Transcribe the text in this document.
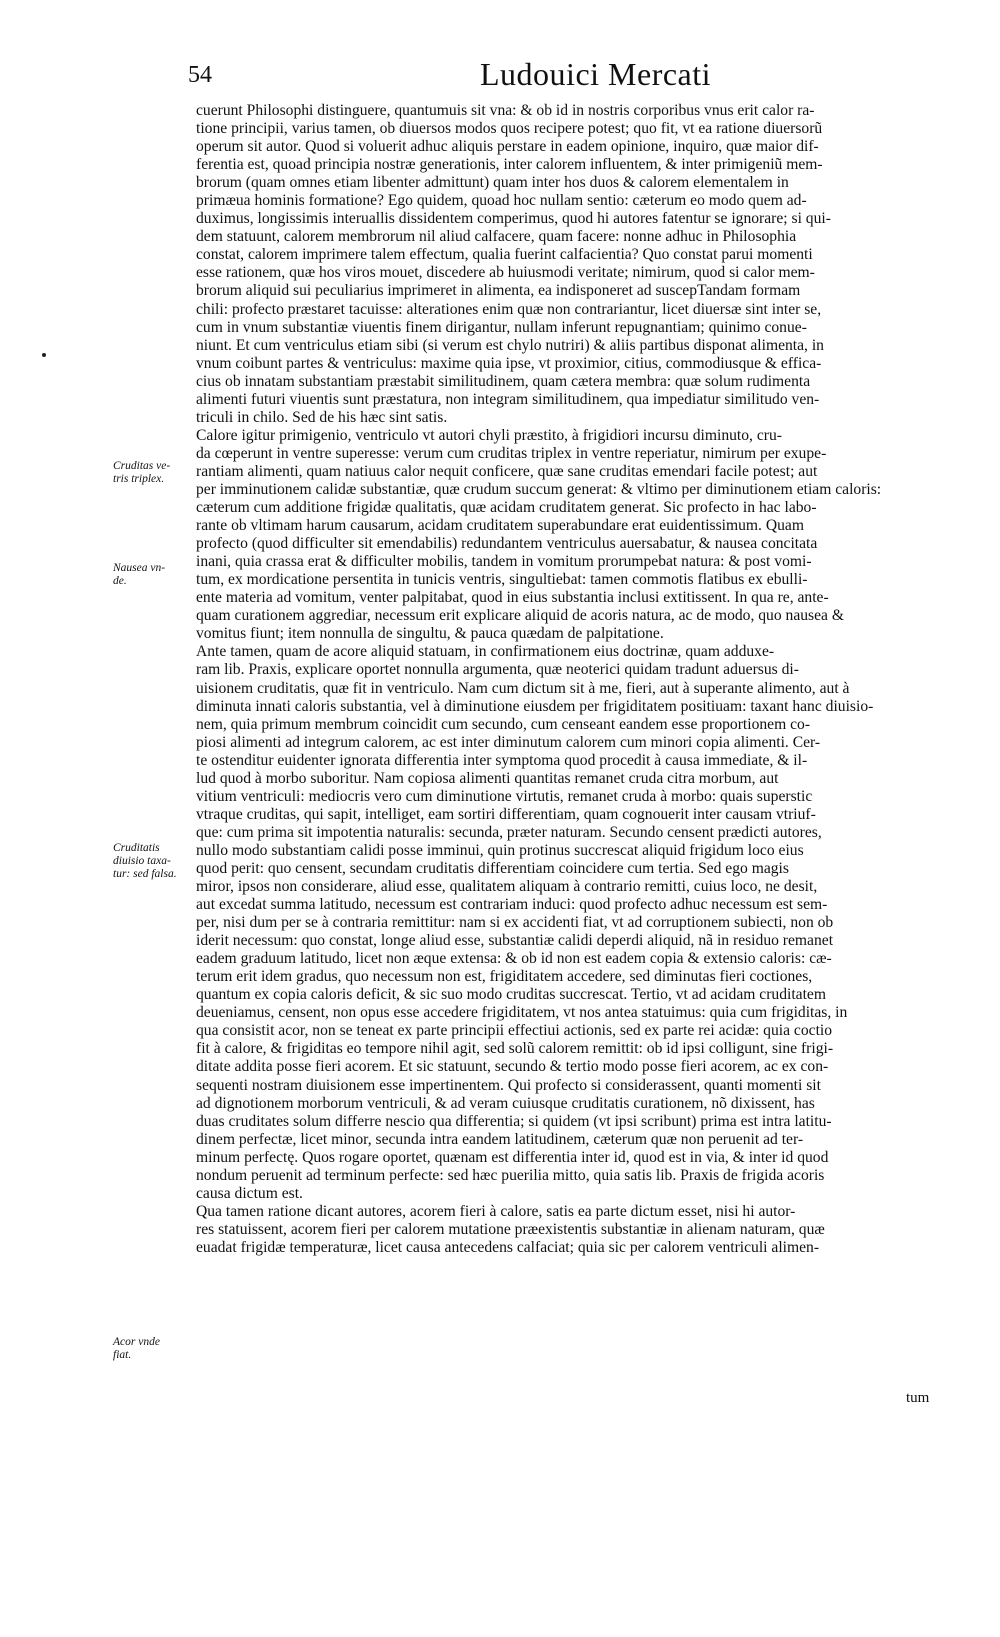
54	Ludouici Mercati
cuerunt Philosophi distinguere, quantumuis sit vna: & ob id in nostris corporibus vnus erit calor ra-
tione principii, varius tamen, ob diuersos modos quos recipere potest; quo fit, vt ea ratione diuersorũ
operum sit autor. Quod si voluerit adhuc aliquis perstare in eadem opinione, inquiro, quæ maior dif-
ferentia est, quoad principia nostræ generationis, inter calorem influentem, & inter primigeniũ mem-
brorum (quam omnes etiam libenter admittunt) quam inter hos duos & calorem elementalem in
primæua hominis formatione? Ego quidem, quoad hoc nullam sentio: cæterum eo modo quem ad-
duximus, longissimis interuallis dissidentem comperimus, quod hi autores fatentur se ignorare; si qui-
dem statuunt, calorem membrorum nil aliud calfacere, quam facere: nonne adhuc in Philosophia
constat, calorem imprimere talem effectum, qualia fuerint calfacientia? Quo constat parui momenti
esse rationem, quæ hos viros mouet, discedere ab huiusmodi veritate; nimirum, quod si calor mem-
brorum aliquid sui peculiarius imprimeret in alimenta, ea indisponeret ad suscepTandam formam
chili: profecto præstaret tacuisse: alterationes enim quæ non contrariantur, licet diuersæ sint inter se,
cum in vnum substantiæ viuentis finem dirigantur, nullam inferunt repugnantiam; quinimo conue-
niunt. Et cum ventriculus etiam sibi (si verum est chylo nutriri) & aliis partibus disponat alimenta, in
vnum coibunt partes & ventriculus: maxime quia ipse, vt proximior, citius, commodiusque & effica-
cius ob innatam substantiam præstabit similitudinem, quam cætera membra: quæ solum rudimenta
alimenti futuri viuentis sunt præstatura, non integram similitudinem, qua impediatur similitudo ven-
triculi in chilo. Sed de his hæc sint satis.
Calore igitur primigenio, ventriculo vt autori chyli præstito, à frigidiori incursu diminuto, cru-
da cœperunt in ventre superesse: verum cum cruditas triplex in ventre reperiatur, nimirum per exupe-
rantiam alimenti, quam natiuus calor nequit conficere, quæ sane cruditas emendari facile potest; aut
per imminutionem calidæ substantiæ, quæ crudum succum generat: & vltimo per diminutionem etiam caloris:
cæterum cum additione frigidæ qualitatis, quæ acidam cruditatem generat. Sic profecto in hac labo-
rante ob vltimam harum causarum, acidam cruditatem superabundare erat euidentissimum. Quam
profecto (quod difficulter sit emendabilis) redundantem ventriculus auersabatur, & nausea concitata
inani, quia crassa erat & difficulter mobilis, tandem in vomitum prorumpebat natura: & post vomi-
tum, ex mordicatione persentita in tunicis ventris, singultiebat: tamen commotis flatibus ex ebulli-
ente materia ad vomitum, venter palpitabat, quod in eius substantia inclusi extitissent. In qua re, ante-
quam curationem aggrediar, necessum erit explicare aliquid de acoris natura, ac de modo, quo nausea &
vomitus fiunt; item nonnulla de singultu, & pauca quædam de palpitatione.
Ante tamen, quam de acore aliquid statuam, in confirmationem eius doctrinæ, quam adduxe-
ram lib. Praxis, explicare oportet nonnulla argumenta, quæ neoterici quidam tradunt aduersus di-
uisionem cruditatis, quæ fit in ventriculo. Nam cum dictum sit à me, fieri, aut à superante alimento, aut à
diminuta innati caloris substantia, vel à diminutione eiusdem per frigiditatem positiuam: taxant hanc diuisio-
nem, quia primum membrum coincidit cum secundo, cum censeant eandem esse proportionem co-
piosi alimenti ad integrum calorem, ac est inter diminutum calorem cum minori copia alimenti. Cer-
te ostenditur euidenter ignorata differentia inter symptoma quod procedit à causa immediate, & il-
lud quod à morbo suboritur. Nam copiosa alimenti quantitas remanet cruda citra morbum, aut
vitium ventriculi: mediocris vero cum diminutione virtutis, remanet cruda à morbo: quais superstic
vtraque cruditas, qui sapit, intelliget, eam sortiri differentiam, quam cognouerit inter causam vtriuf-
que: cum prima sit impotentia naturalis: secunda, præter naturam. Secundo censent prædicti autores,
nullo modo substantiam calidi posse imminui, quin protinus succrescat aliquid frigidum loco eius
quod perit: quo censent, secundam cruditatis differentiam coincidere cum tertia. Sed ego magis
miror, ipsos non considerare, aliud esse, qualitatem aliquam à contrario remitti, cuius loco, ne desit,
aut excedat summa latitudo, necessum est contrariam induci: quod profecto adhuc necessum est sem-
per, nisi dum per se à contraria remittitur: nam si ex accidenti fiat, vt ad corruptionem subiecti, non ob
iderit necessum: quo constat, longe aliud esse, substantiæ calidi deperdi aliquid, nã in residuo remanet
eadem graduum latitudo, licet non æque extensa: & ob id non est eadem copia & extensio caloris: cæ-
terum erit idem gradus, quo necessum non est, frigiditatem accedere, sed diminutas fieri coctiones,
quantum ex copia caloris deficit, & sic suo modo cruditas succrescat. Tertio, vt ad acidam cruditatem
deueniamus, censent, non opus esse accedere frigiditatem, vt nos antea statuimus: quia cum frigiditas, in
qua consistit acor, non se teneat ex parte principii effectiui actionis, sed ex parte rei acidæ: quia coctio
fit à calore, & frigiditas eo tempore nihil agit, sed solũ calorem remittit: ob id ipsi colligunt, sine frigi-
ditate addita posse fieri acorem. Et sic statuunt, secundo & tertio modo posse fieri acorem, ac ex con-
sequenti nostram diuisionem esse impertinentem. Qui profecto si considerassent, quanti momenti sit
ad dignotionem morborum ventriculi, & ad veram cuiusque cruditatis curationem, nõ dixissent, has
duas cruditates solum differre nescio qua differentia; si quidem (vt ipsi scribunt) prima est intra latitu-
dinem perfectæ, licet minor, secunda intra eandem latitudinem, cæterum quæ non peruenit ad ter-
minum perfectę. Quos rogare oportet, quænam est differentia inter id, quod est in via, & inter id quod
nondum peruenit ad terminum perfecte: sed hæc puerilia mitto, quia satis lib. Praxis de frigida acoris
causa dictum est.
Qua tamen ratione dicant autores, acorem fieri à calore, satis ea parte dictum esset, nisi hi autor-
res statuissent, acorem fieri per calorem mutatione præexistentis substantiæ in alienam naturam, quæ
euadat frigidæ temperaturæ, licet causa antecedens calfaciat; quia sic per calorem ventriculi alimen-
Cruditas ve-
tris triplex.
Nausea vn-
de.
Cruditatis
diuisio taxa-
tur: sed falsa.
Acor vnde
fiat.
tum
